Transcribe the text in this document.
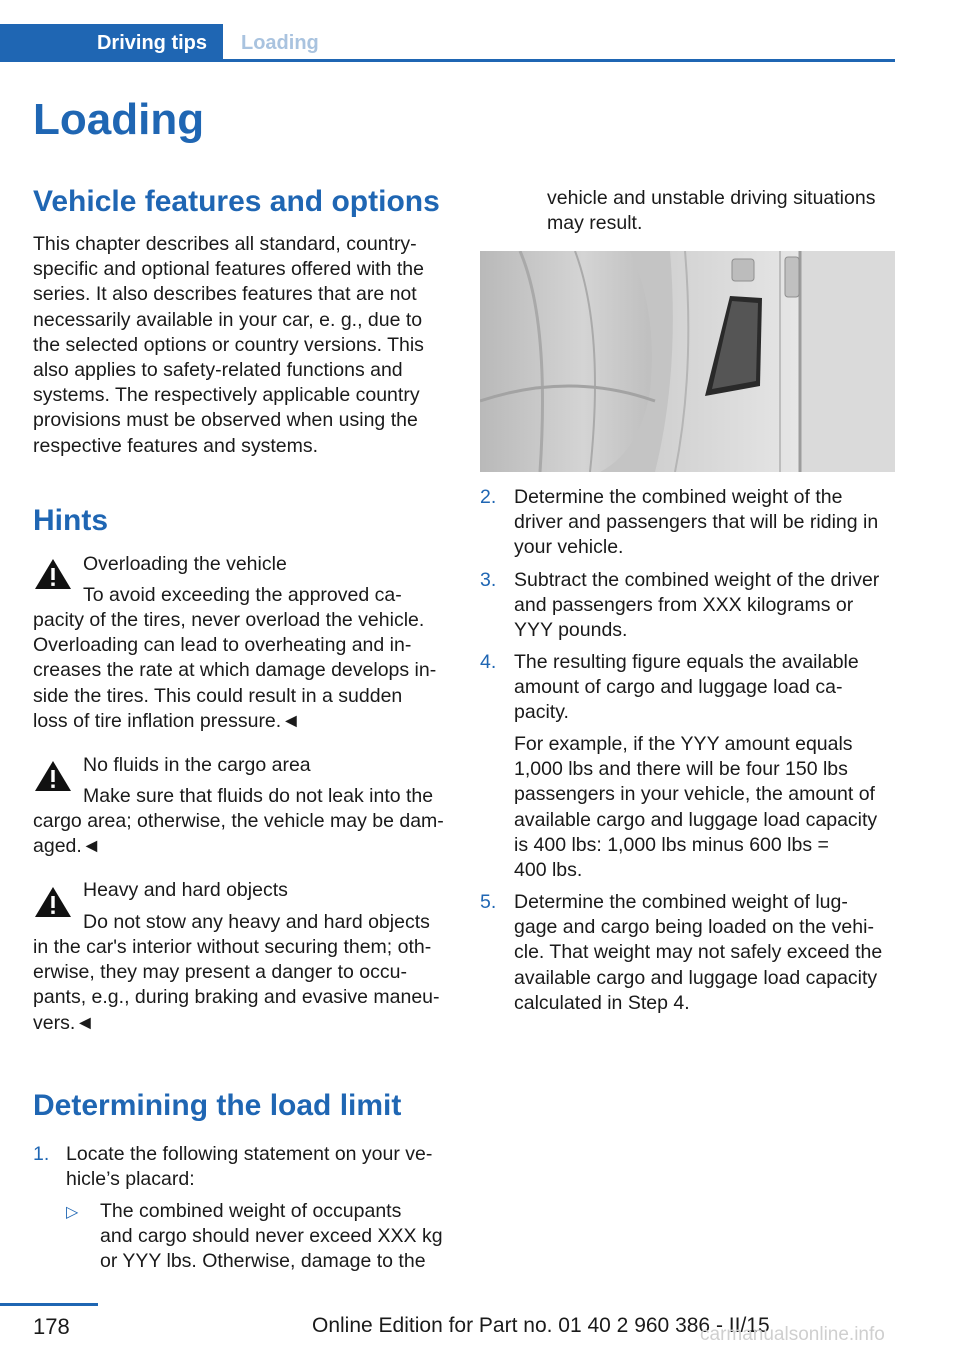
Driving tips	Loading
Loading
Vehicle features and options
This chapter describes all standard, country-
specific and optional features offered with the
series. It also describes features that are not
necessarily available in your car, e. g., due to
the selected options or country versions. This
also applies to safety-related functions and
systems. The respectively applicable country
provisions must be observed when using the
respective features and systems.
Hints
Overloading the vehicle
To avoid exceeding the approved ca-
pacity of the tires, never overload the vehicle.
Overloading can lead to overheating and in-
creases the rate at which damage develops in-
side the tires. This could result in a sudden
loss of tire inflation pressure.◄
No fluids in the cargo area
Make sure that fluids do not leak into the
cargo area; otherwise, the vehicle may be dam-
aged.◄
Heavy and hard objects
Do not stow any heavy and hard objects
in the car's interior without securing them; oth-
erwise, they may present a danger to occu-
pants, e.g., during braking and evasive maneu-
vers.◄
Determining the load limit
1. Locate the following statement on your ve-
hicle’s placard:
▷ The combined weight of occupants
and cargo should never exceed XXX kg
or YYY lbs. Otherwise, damage to the
vehicle and unstable driving situations
may result.
2. Determine the combined weight of the
driver and passengers that will be riding in
your vehicle.
3. Subtract the combined weight of the driver
and passengers from XXX kilograms or
YYY pounds.
4. The resulting figure equals the available
amount of cargo and luggage load ca-
pacity.
For example, if the YYY amount equals
1,000 lbs and there will be four 150 lbs
passengers in your vehicle, the amount of
available cargo and luggage load capacity
is 400 lbs: 1,000 lbs minus 600 lbs =
400 lbs.
5. Determine the combined weight of lug-
gage and cargo being loaded on the vehi-
cle. That weight may not safely exceed the
available cargo and luggage load capacity
calculated in Step 4.
178	Online Edition for Part no. 01 40 2 960 386 - II/15
carmanualsonline.info
